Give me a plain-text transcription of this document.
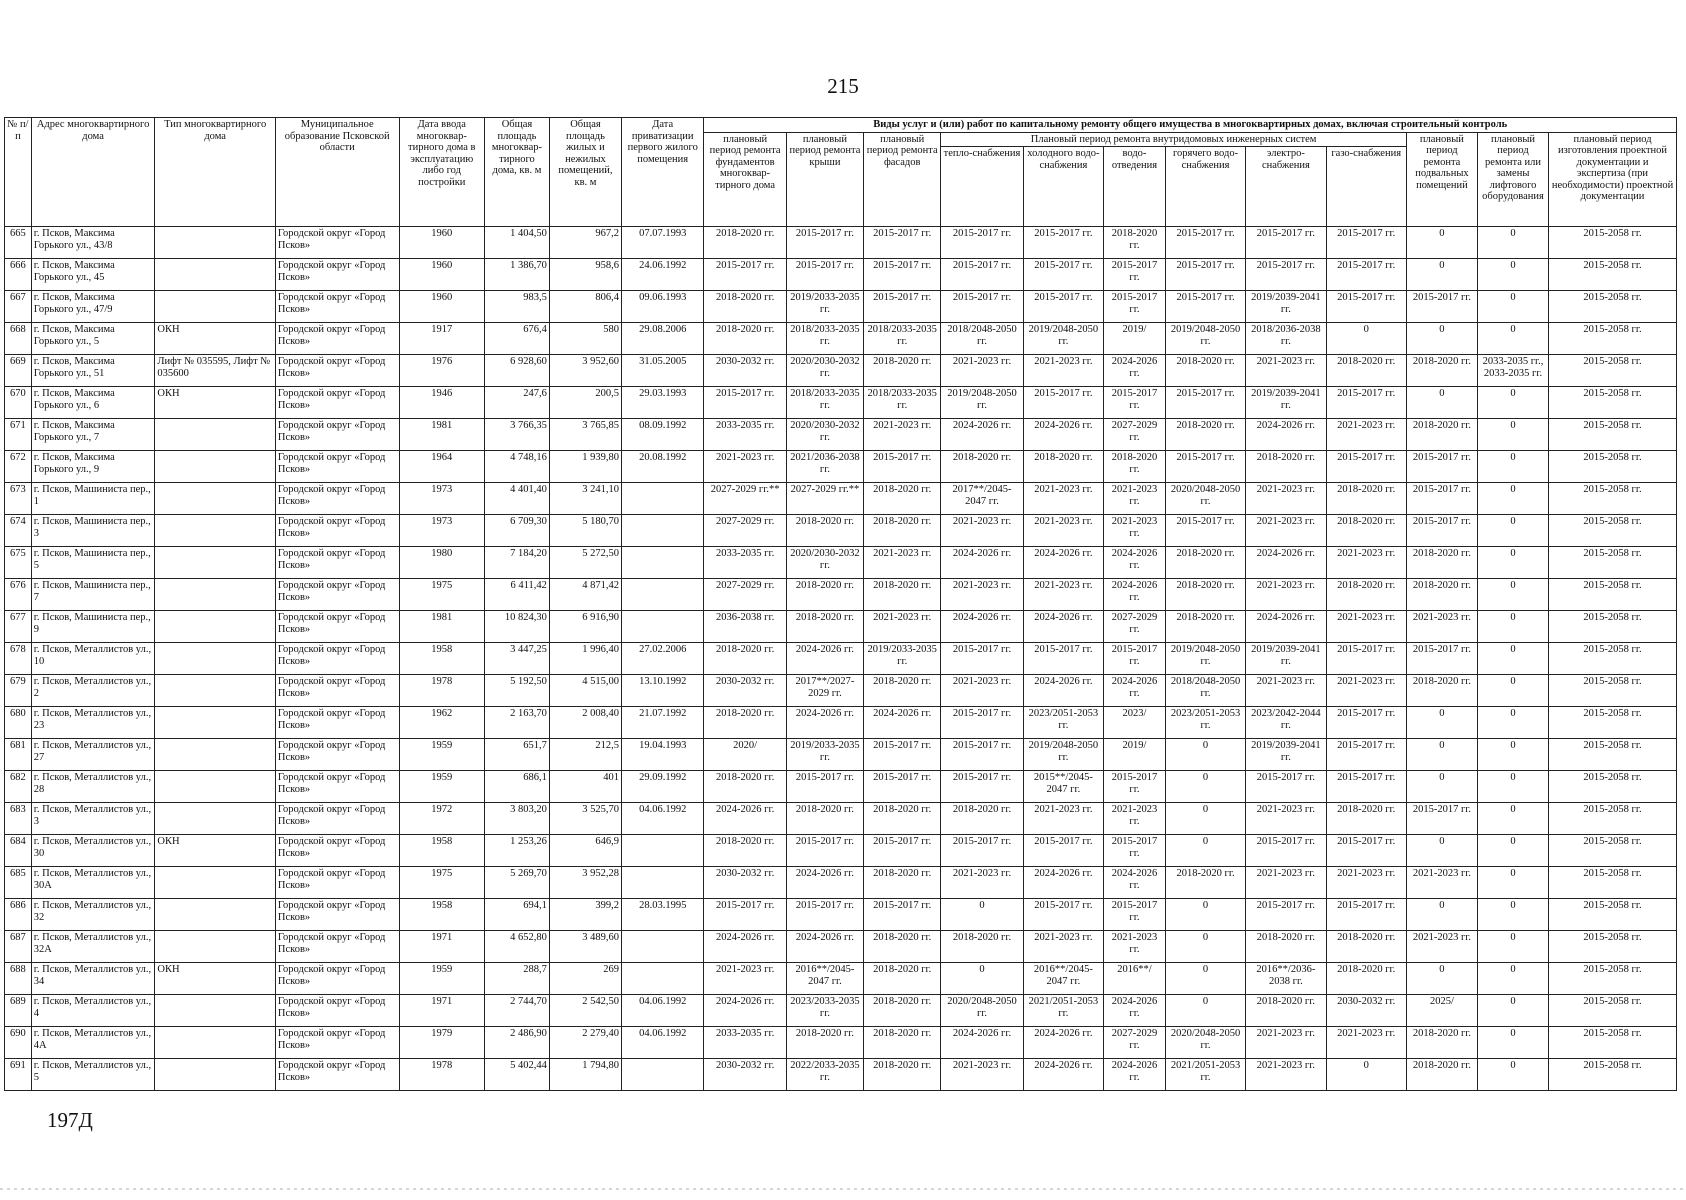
215
№ п/п	Адрес многоквартирного дома	Тип многоквартирного дома	Муниципальное образование Псковской области	Дата ввода многоквар-тирного дома в эксплуатацию либо год постройки	Общая площадь многоквар-тирного дома, кв. м	Общая площадь жилых и нежилых помещений, кв. м	Дата приватизации первого жилого помещения	Виды услуг и (или) работ по капитальному ремонту общего имущества в многоквартирных домах, включая строительный контроль											
								плановый период ремонта фундаментов многоквар-тирного дома	плановый период ремонта крыши	плановый период ремонта фасадов	Плановый период ремонта внутридомовых инженерных систем						плановый период ремонта подвальных помещений	плановый период ремонта или замены лифтового оборудования	плановый период изготовления проектной документации и экспертиза (при необходимости) проектной документации
											тепло-снабжения	холодного водо-снабжения	водо-отведения	горячего водо-снабжения	электро-снабжения	газо-снабжения			
665	г. Псков, Максима Горького ул., 43/8		Городской округ «Город Псков»	1960	1 404,50	967,2	07.07.1993	2018-2020 гг.	2015-2017 гг.	2015-2017 гг.	2015-2017 гг.	2015-2017 гг.	2018-2020 гг.	2015-2017 гг.	2015-2017 гг.	2015-2017 гг.	0	0	2015-2058 гг.
666	г. Псков, Максима Горького ул., 45		Городской округ «Город Псков»	1960	1 386,70	958,6	24.06.1992	2015-2017 гг.	2015-2017 гг.	2015-2017 гг.	2015-2017 гг.	2015-2017 гг.	2015-2017 гг.	2015-2017 гг.	2015-2017 гг.	2015-2017 гг.	0	0	2015-2058 гг.
667	г. Псков, Максима Горького ул., 47/9		Городской округ «Город Псков»	1960	983,5	806,4	09.06.1993	2018-2020 гг.	2019/2033-2035 гг.	2015-2017 гг.	2015-2017 гг.	2015-2017 гг.	2015-2017 гг.	2015-2017 гг.	2019/2039-2041 гг.	2015-2017 гг.	2015-2017 гг.	0	2015-2058 гг.
668	г. Псков, Максима Горького ул., 5	ОКН	Городской округ «Город Псков»	1917	676,4	580	29.08.2006	2018-2020 гг.	2018/2033-2035 гг.	2018/2033-2035 гг.	2018/2048-2050 гг.	2019/2048-2050 гг.	2019/	2019/2048-2050 гг.	2018/2036-2038 гг.	0	0	0	2015-2058 гг.
669	г. Псков, Максима Горького ул., 51	Лифт № 035595, Лифт № 035600	Городской округ «Город Псков»	1976	6 928,60	3 952,60	31.05.2005	2030-2032 гг.	2020/2030-2032 гг.	2018-2020 гг.	2021-2023 гг.	2021-2023 гг.	2024-2026 гг.	2018-2020 гг.	2021-2023 гг.	2018-2020 гг.	2018-2020 гг.	2033-2035 гг., 2033-2035 гг.	2015-2058 гг.
670	г. Псков, Максима Горького ул., 6	ОКН	Городской округ «Город Псков»	1946	247,6	200,5	29.03.1993	2015-2017 гг.	2018/2033-2035 гг.	2018/2033-2035 гг.	2019/2048-2050 гг.	2015-2017 гг.	2015-2017 гг.	2015-2017 гг.	2019/2039-2041 гг.	2015-2017 гг.	0	0	2015-2058 гг.
671	г. Псков, Максима Горького ул., 7		Городской округ «Город Псков»	1981	3 766,35	3 765,85	08.09.1992	2033-2035 гг.	2020/2030-2032 гг.	2021-2023 гг.	2024-2026 гг.	2024-2026 гг.	2027-2029 гг.	2018-2020 гг.	2024-2026 гг.	2021-2023 гг.	2018-2020 гг.	0	2015-2058 гг.
672	г. Псков, Максима Горького ул., 9		Городской округ «Город Псков»	1964	4 748,16	1 939,80	20.08.1992	2021-2023 гг.	2021/2036-2038 гг.	2015-2017 гг.	2018-2020 гг.	2018-2020 гг.	2018-2020 гг.	2015-2017 гг.	2018-2020 гг.	2015-2017 гг.	2015-2017 гг.	0	2015-2058 гг.
673	г. Псков, Машиниста пер., 1		Городской округ «Город Псков»	1973	4 401,40	3 241,10		2027-2029 гг.**	2027-2029 гг.**	2018-2020 гг.	2017**/2045-2047 гг.	2021-2023 гг.	2021-2023 гг.	2020/2048-2050 гг.	2021-2023 гг.	2018-2020 гг.	2015-2017 гг.	0	2015-2058 гг.
674	г. Псков, Машиниста пер., 3		Городской округ «Город Псков»	1973	6 709,30	5 180,70		2027-2029 гг.	2018-2020 гг.	2018-2020 гг.	2021-2023 гг.	2021-2023 гг.	2021-2023 гг.	2015-2017 гг.	2021-2023 гг.	2018-2020 гг.	2015-2017 гг.	0	2015-2058 гг.
675	г. Псков, Машиниста пер., 5		Городской округ «Город Псков»	1980	7 184,20	5 272,50		2033-2035 гг.	2020/2030-2032 гг.	2021-2023 гг.	2024-2026 гг.	2024-2026 гг.	2024-2026 гг.	2018-2020 гг.	2024-2026 гг.	2021-2023 гг.	2018-2020 гг.	0	2015-2058 гг.
676	г. Псков, Машиниста пер., 7		Городской округ «Город Псков»	1975	6 411,42	4 871,42		2027-2029 гг.	2018-2020 гг.	2018-2020 гг.	2021-2023 гг.	2021-2023 гг.	2024-2026 гг.	2018-2020 гг.	2021-2023 гг.	2018-2020 гг.	2018-2020 гг.	0	2015-2058 гг.
677	г. Псков, Машиниста пер., 9		Городской округ «Город Псков»	1981	10 824,30	6 916,90		2036-2038 гг.	2018-2020 гг.	2021-2023 гг.	2024-2026 гг.	2024-2026 гг.	2027-2029 гг.	2018-2020 гг.	2024-2026 гг.	2021-2023 гг.	2021-2023 гг.	0	2015-2058 гг.
678	г. Псков, Металлистов ул., 10		Городской округ «Город Псков»	1958	3 447,25	1 996,40	27.02.2006	2018-2020 гг.	2024-2026 гг.	2019/2033-2035 гг.	2015-2017 гг.	2015-2017 гг.	2015-2017 гг.	2019/2048-2050 гг.	2019/2039-2041 гг.	2015-2017 гг.	2015-2017 гг.	0	2015-2058 гг.
679	г. Псков, Металлистов ул., 2		Городской округ «Город Псков»	1978	5 192,50	4 515,00	13.10.1992	2030-2032 гг.	2017**/2027-2029 гг.	2018-2020 гг.	2021-2023 гг.	2024-2026 гг.	2024-2026 гг.	2018/2048-2050 гг.	2021-2023 гг.	2021-2023 гг.	2018-2020 гг.	0	2015-2058 гг.
680	г. Псков, Металлистов ул., 23		Городской округ «Город Псков»	1962	2 163,70	2 008,40	21.07.1992	2018-2020 гг.	2024-2026 гг.	2024-2026 гг.	2015-2017 гг.	2023/2051-2053 гг.	2023/	2023/2051-2053 гг.	2023/2042-2044 гг.	2015-2017 гг.	0	0	2015-2058 гг.
681	г. Псков, Металлистов ул., 27		Городской округ «Город Псков»	1959	651,7	212,5	19.04.1993	2020/	2019/2033-2035 гг.	2015-2017 гг.	2015-2017 гг.	2019/2048-2050 гг.	2019/	0	2019/2039-2041 гг.	2015-2017 гг.	0	0	2015-2058 гг.
682	г. Псков, Металлистов ул., 28		Городской округ «Город Псков»	1959	686,1	401	29.09.1992	2018-2020 гг.	2015-2017 гг.	2015-2017 гг.	2015-2017 гг.	2015**/2045-2047 гг.	2015-2017 гг.	0	2015-2017 гг.	2015-2017 гг.	0	0	2015-2058 гг.
683	г. Псков, Металлистов ул., 3		Городской округ «Город Псков»	1972	3 803,20	3 525,70	04.06.1992	2024-2026 гг.	2018-2020 гг.	2018-2020 гг.	2018-2020 гг.	2021-2023 гг.	2021-2023 гг.	0	2021-2023 гг.	2018-2020 гг.	2015-2017 гг.	0	2015-2058 гг.
684	г. Псков, Металлистов ул., 30	ОКН	Городской округ «Город Псков»	1958	1 253,26	646,9		2018-2020 гг.	2015-2017 гг.	2015-2017 гг.	2015-2017 гг.	2015-2017 гг.	2015-2017 гг.	0	2015-2017 гг.	2015-2017 гг.	0	0	2015-2058 гг.
685	г. Псков, Металлистов ул., 30А		Городской округ «Город Псков»	1975	5 269,70	3 952,28		2030-2032 гг.	2024-2026 гг.	2018-2020 гг.	2021-2023 гг.	2024-2026 гг.	2024-2026 гг.	2018-2020 гг.	2021-2023 гг.	2021-2023 гг.	2021-2023 гг.	0	2015-2058 гг.
686	г. Псков, Металлистов ул., 32		Городской округ «Город Псков»	1958	694,1	399,2	28.03.1995	2015-2017 гг.	2015-2017 гг.	2015-2017 гг.	0	2015-2017 гг.	2015-2017 гг.	0	2015-2017 гг.	2015-2017 гг.	0	0	2015-2058 гг.
687	г. Псков, Металлистов ул., 32А		Городской округ «Город Псков»	1971	4 652,80	3 489,60		2024-2026 гг.	2024-2026 гг.	2018-2020 гг.	2018-2020 гг.	2021-2023 гг.	2021-2023 гг.	0	2018-2020 гг.	2018-2020 гг.	2021-2023 гг.	0	2015-2058 гг.
688	г. Псков, Металлистов ул., 34	ОКН	Городской округ «Город Псков»	1959	288,7	269		2021-2023 гг.	2016**/2045-2047 гг.	2018-2020 гг.	0	2016**/2045-2047 гг.	2016**/	0	2016**/2036-2038 гг.	2018-2020 гг.	0	0	2015-2058 гг.
689	г. Псков, Металлистов ул., 4		Городской округ «Город Псков»	1971	2 744,70	2 542,50	04.06.1992	2024-2026 гг.	2023/2033-2035 гг.	2018-2020 гг.	2020/2048-2050 гг.	2021/2051-2053 гг.	2024-2026 гг.	0	2018-2020 гг.	2030-2032 гг.	2025/	0	2015-2058 гг.
690	г. Псков, Металлистов ул., 4А		Городской округ «Город Псков»	1979	2 486,90	2 279,40	04.06.1992	2033-2035 гг.	2018-2020 гг.	2018-2020 гг.	2024-2026 гг.	2024-2026 гг.	2027-2029 гг.	2020/2048-2050 гг.	2021-2023 гг.	2021-2023 гг.	2018-2020 гг.	0	2015-2058 гг.
691	г. Псков, Металлистов ул., 5		Городской округ «Город Псков»	1978	5 402,44	1 794,80		2030-2032 гг.	2022/2033-2035 гг.	2018-2020 гг.	2021-2023 гг.	2024-2026 гг.	2024-2026 гг.	2021/2051-2053 гг.	2021-2023 гг.	0	2018-2020 гг.	0	2015-2058 гг.
197Д
